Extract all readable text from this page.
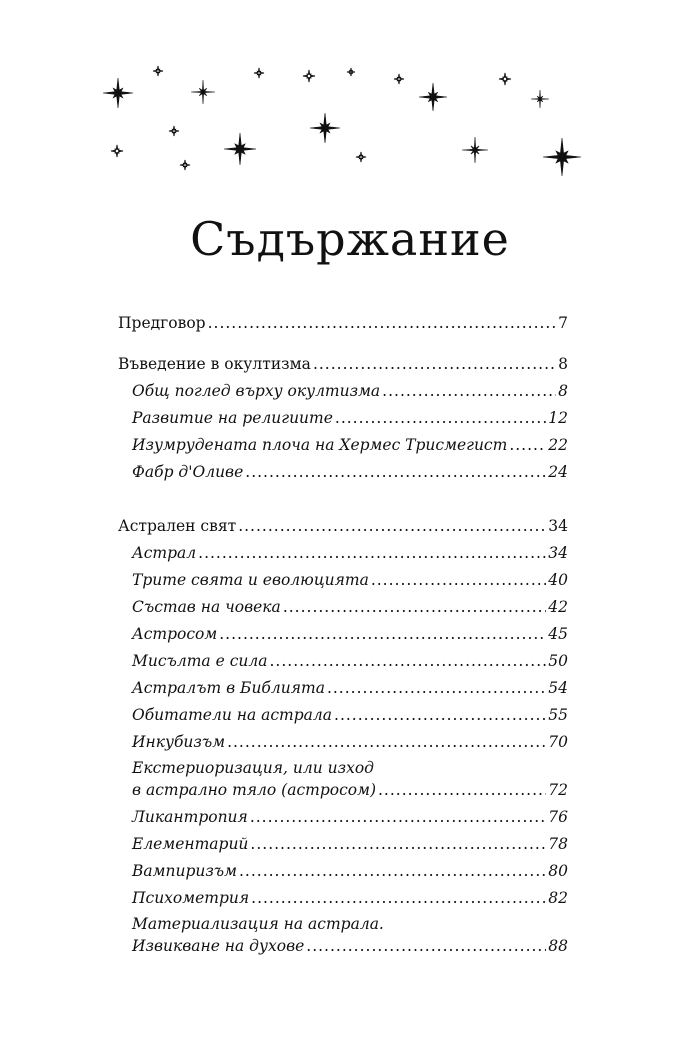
Съдържание
Предговор .....	7
Въведение в окултизма .....	8
Общ поглед върху окултизма .....	8
Развитие на религиите .....	12
Изумрудената плоча на Хермес Трисмегист .....	22
Фабр д'Оливе .....	24
Астрален свят .....	34
Астрал .....	34
Трите свята и еволюцията .....	40
Състав на човека .....	42
Астросом .....	45
Мисълта е сила .....	50
Астралът в Библията .....	54
Обитатели на астрала .....	55
Инкубизъм .....	70
Екстериоризация, или изход
в астрално тяло (астросом) .....	72
Ликантропия .....	76
Елементарий .....	78
Вампиризъм .....	80
Психометрия .....	82
Материализация на астрала.
Извикване на духове .....	88
